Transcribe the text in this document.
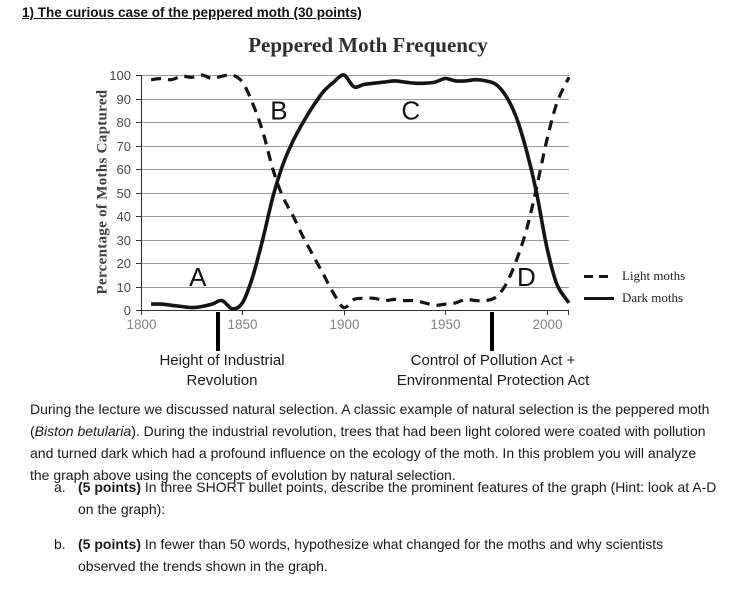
1) The curious case of the peppered moth (30 points)
Peppered Moth Frequency
Percentage of Moths Captured
0
10
20
30
40
50
60
70
80
90
100
1800	1850	1900	1950	2000
A
B	C
D	Light moths
Dark moths
Height of Industrial
Revolution
Control of Pollution Act +
Environmental Protection Act
During the lecture we discussed natural selection. A classic example of natural selection is the peppered moth
(Biston betularia). During the industrial revolution, trees that had been light colored were coated with pollution
and turned dark which had a profound influence on the ecology of the moth. In this problem you will analyze
the graph above using the concepts of evolution by natural selection.
a. (5 points) In three SHORT bullet points, describe the prominent features of the graph (Hint: look at A-D
on the graph):
b. (5 points) In fewer than 50 words, hypothesize what changed for the moths and why scientists
observed the trends shown in the graph.
